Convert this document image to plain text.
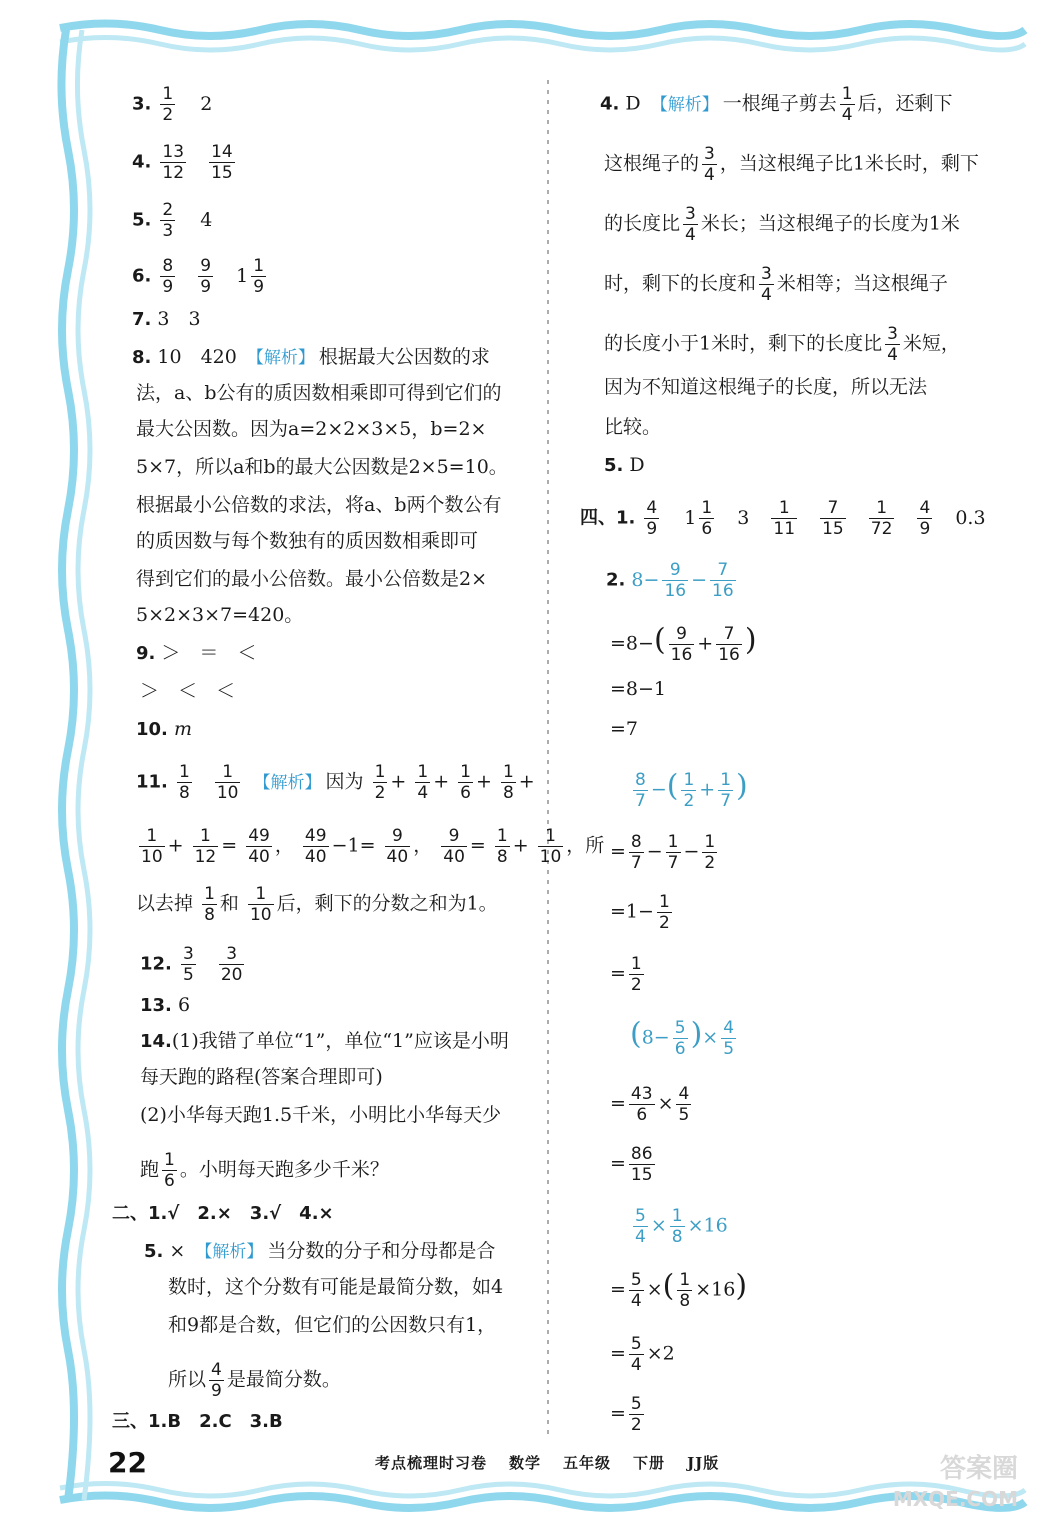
3. $\frac{1}{2} 2$
4. $\frac{13}{12}$
$\frac{14}{15}$
5. $\frac{2}{3} 4$
6. $\frac{8}{9}$
$\frac{9}{9} 1 \frac{1}{9}$
7. 3　3
8. 10　420 【解析】 根据最大公因数的求
法，a、b公有的质因数相乘即可得到它们的
最大公因数。因为a=2×2×3×5，b=2×
5×7，所以a和b的最大公因数是2×5=10。
根据最小公倍数的求法，将a、b两个数公有
的质因数与每个数独有的质因数相乘即可
得到它们的最小公倍数。最小公倍数是2×
5×2×3×7=420。
9. ＞　＝　＜
＞　＜　＜
10. m
11. $\frac{1}{8}$
$\frac{1}{10}$ 【解析】 因为 $\frac{1}{2} + \frac{1}{4} + \frac{1}{6} + \frac{1}{8}$ +
$\frac{1}{10} + \frac{1}{12} = \frac{49}{40}$ ， $\frac{49}{40} -1= \frac{9}{40}$ ， $\frac{9}{40} = \frac{1}{8} + \frac{1}{10}$ ，所
以去掉 $\frac{1}{8}$ 和 $\frac{1}{10}$ 后，剩下的分数之和为1。
12. $\frac{3}{5}$
$\frac{3}{20}$
13. 6
14.(1)我错了单位“1”，单位“1”应该是小明
每天跑的路程(答案合理即可)
(2)小华每天跑1.5千米，小明比小华每天少
跑 $\frac{1}{6}$ 。小明每天跑多少千米？
二、1.√　2.×　3.√　4.×
5. × 【解析】 当分数的分子和分母都是合
数时，这个分数有可能是最简分数，如4
和9都是合数，但它们的公因数只有1，
所以 $\frac{4}{9}$ 是最简分数。
三、1.B　2.C　3.B
4. D 【解析】 一根绳子剪去 $\frac{1}{4}$ 后，还剩下
这根绳子的 $\frac{3}{4}$ ，当这根绳子比1米长时，剩下
的长度比 $\frac{3}{4}$ 米长；当这根绳子的长度为1米
时，剩下的长度和 $\frac{3}{4}$ 米相等；当这根绳子
的长度小于1米时，剩下的长度比 $\frac{3}{4}$ 米短，
因为不知道这根绳子的长度，所以无法
比较。
5. D
四、1. $\frac{4}{9} 1 \frac{1}{6} 3 \frac{1}{11}$
$\frac{7}{15}$
$\frac{1}{72}$
$\frac{4}{9} 0.3$
2. $8- \frac{9}{16} - \frac{7}{16}$
$=8-( \frac{9}{16} + \frac{7}{16}$ )
=8−1
=7
$\frac{8}{7}$ −( $\frac{1}{2} + \frac{1}{7}$ )
= $\frac{8}{7} - \frac{1}{7} - \frac{1}{2}$
$=1- \frac{1}{2}$
= $\frac{1}{2}$
($8- \frac{5}{6}$ )× $\frac{4}{5}$
= $\frac{43}{6} \times \frac{4}{5}$
= $\frac{86}{15}$
$\frac{5}{4} \times \frac{1}{8} \times 16$
= $\frac{5}{4}$ ×( $\frac{1}{8} \times 16$)
= $\frac{5}{4} \times 2$
= $\frac{5}{2}$
22	考点梳理时习卷 数学 五年级 下册 JJ版	答案圈
MXQE.COM
